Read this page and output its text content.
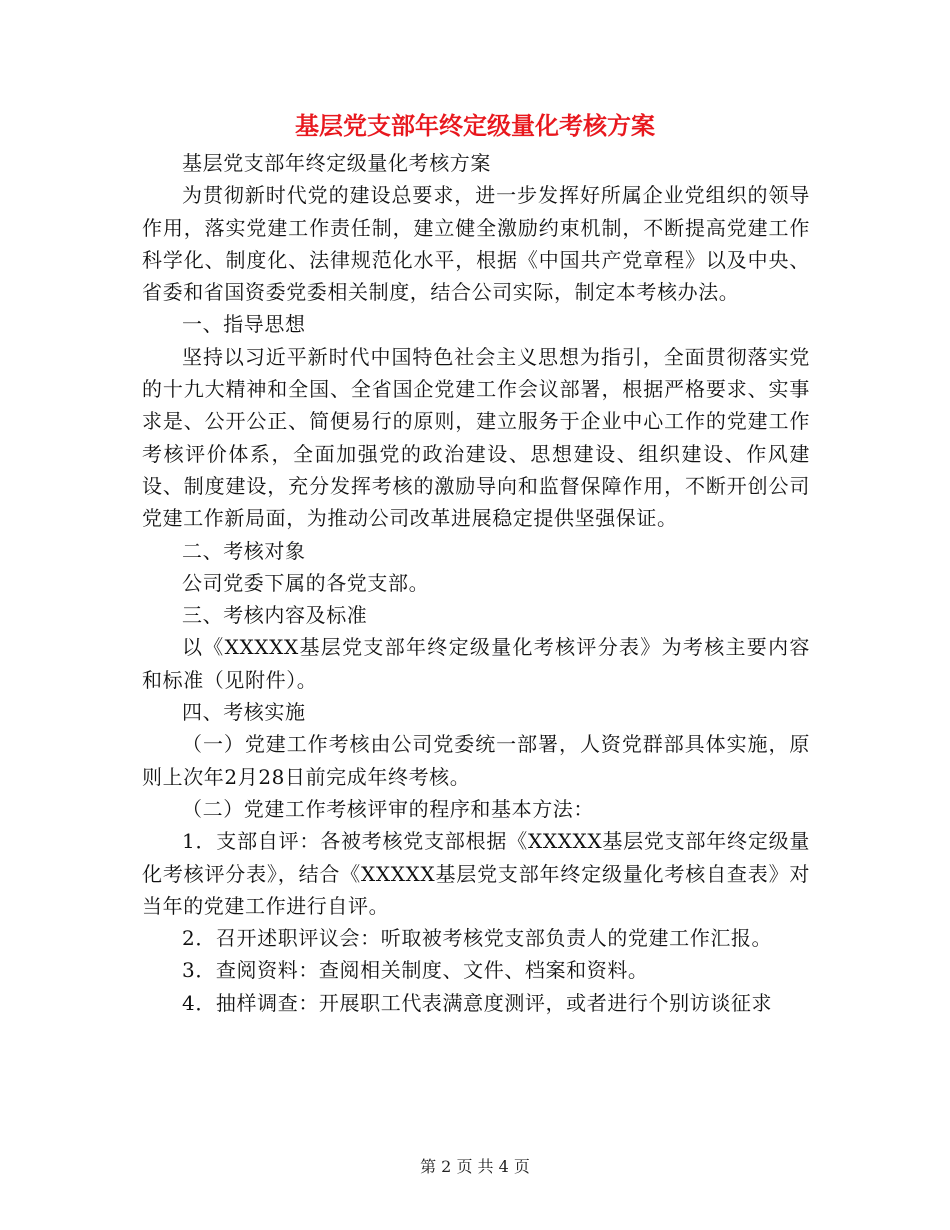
基层党支部年终定级量化考核方案

基层党支部年终定级量化考核方案

为贯彻新时代党的建设总要求，进一步发挥好所属企业党组织的领导作用，落实党建工作责任制，建立健全激励约束机制，不断提高党建工作科学化、制度化、法律规范化水平，根据《中国共产党章程》以及中央、省委和省国资委党委相关制度，结合公司实际，制定本考核办法。

一、指导思想

坚持以习近平新时代中国特色社会主义思想为指引，全面贯彻落实党的十九大精神和全国、全省国企党建工作会议部署，根据严格要求、实事求是、公开公正、简便易行的原则，建立服务于企业中心工作的党建工作考核评价体系，全面加强党的政治建设、思想建设、组织建设、作风建设、制度建设，充分发挥考核的激励导向和监督保障作用，不断开创公司党建工作新局面，为推动公司改革进展稳定提供坚强保证。

二、考核对象

公司党委下属的各党支部。

三、考核内容及标准

以《XXXXX基层党支部年终定级量化考核评分表》为考核主要内容和标准（见附件）。

四、考核实施

（一）党建工作考核由公司党委统一部署，人资党群部具体实施，原则上次年2月28日前完成年终考核。

（二）党建工作考核评审的程序和基本方法：

1．支部自评：各被考核党支部根据《XXXXX基层党支部年终定级量化考核评分表》，结合《XXXXX基层党支部年终定级量化考核自查表》对当年的党建工作进行自评。

2．召开述职评议会：听取被考核党支部负责人的党建工作汇报。

3．查阅资料：查阅相关制度、文件、档案和资料。

4．抽样调查：开展职工代表满意度测评，或者进行个别访谈征求

第 2 页 共 4 页
